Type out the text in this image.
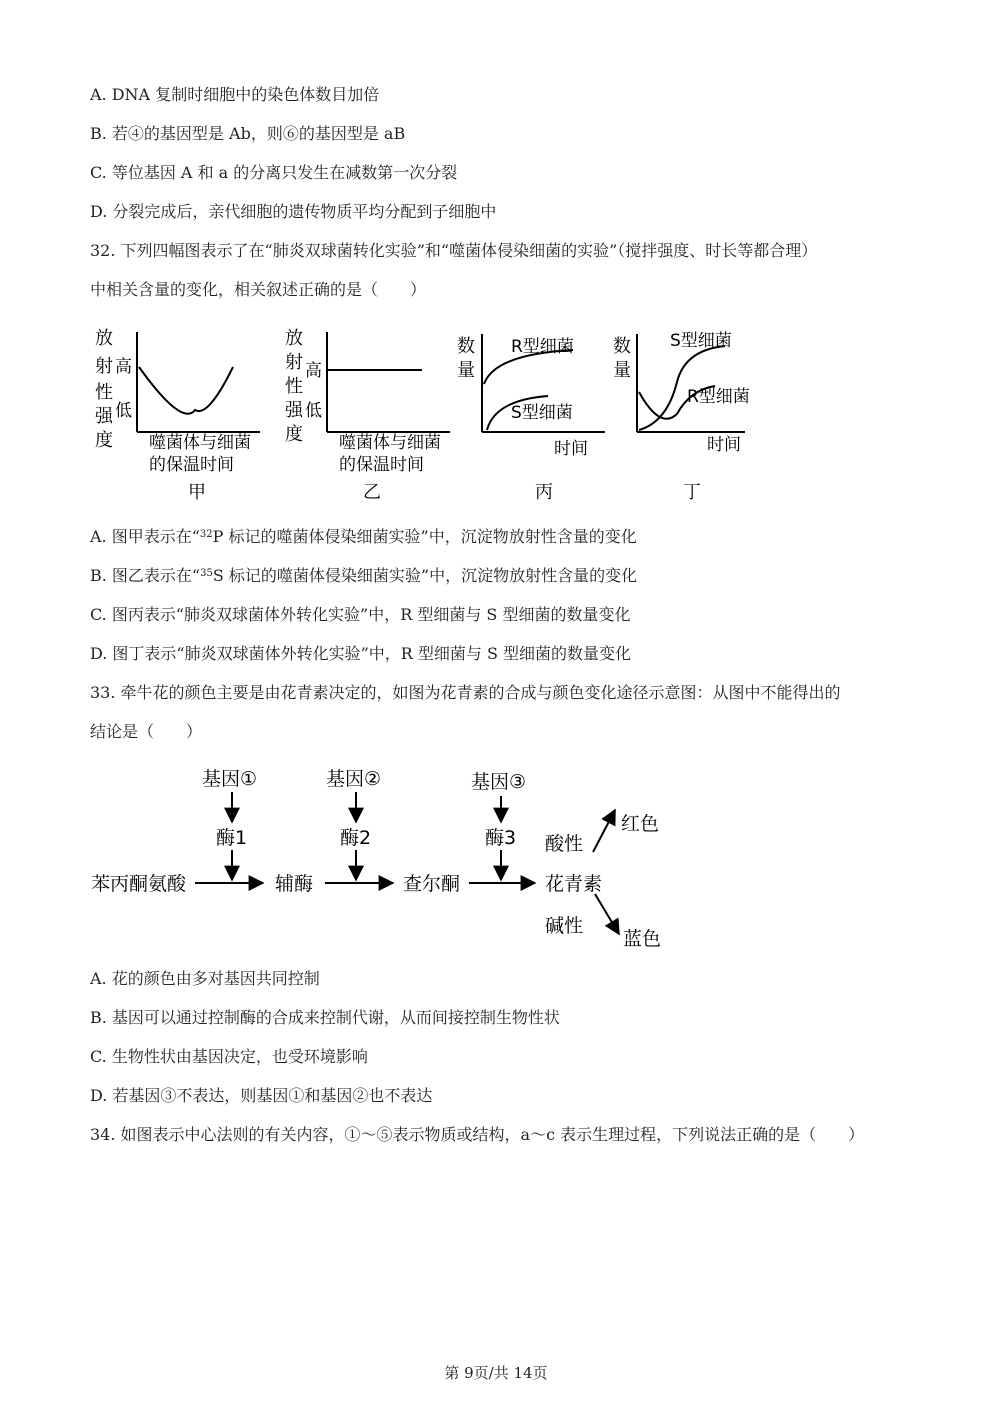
A. DNA 复制时细胞中的染色体数目加倍
B. 若④的基因型是 Ab，则⑥的基因型是 aB
C. 等位基因 A 和 a 的分离只发生在减数第一次分裂
D. 分裂完成后，亲代细胞的遗传物质平均分配到子细胞中
32. 下列四幅图表示了在“肺炎双球菌转化实验”和“噬菌体侵染细菌的实验”（搅拌强度、时长等都合理）
中相关含量的变化，相关叙述正确的是（　　）
放
射
性
强
度
高
低
噬菌体与细菌
的保温时间
甲
放
射
性
强
度
高
低
噬菌体与细菌
的保温时间
乙
数
量
R型细菌
S型细菌
时间
丙
数
量
S型细菌
R型细菌
时间
丁
A. 图甲表示在“$^{32}$P 标记的噬菌体侵染细菌实验”中，沉淀物放射性含量的变化
B. 图乙表示在“$^{35}$S 标记的噬菌体侵染细菌实验”中，沉淀物放射性含量的变化
C. 图丙表示“肺炎双球菌体外转化实验”中，R 型细菌与 S 型细菌的数量变化
D. 图丁表示“肺炎双球菌体外转化实验”中，R 型细菌与 S 型细菌的数量变化
33. 牵牛花的颜色主要是由花青素决定的，如图为花青素的合成与颜色变化途径示意图：从图中不能得出的
结论是（　　）
基因①	基因②	基因③
酶1	酶2	酶3
苯丙酮氨酸	辅酶	查尔酮	花青素
酸性
碱性
红色
蓝色
A. 花的颜色由多对基因共同控制
B. 基因可以通过控制酶的合成来控制代谢，从而间接控制生物性状
C. 生物性状由基因决定，也受环境影响
D. 若基因③不表达，则基因①和基因②也不表达
34. 如图表示中心法则的有关内容，①～⑤表示物质或结构，a～c 表示生理过程，下列说法正确的是（　　）
第 9页/共 14页
